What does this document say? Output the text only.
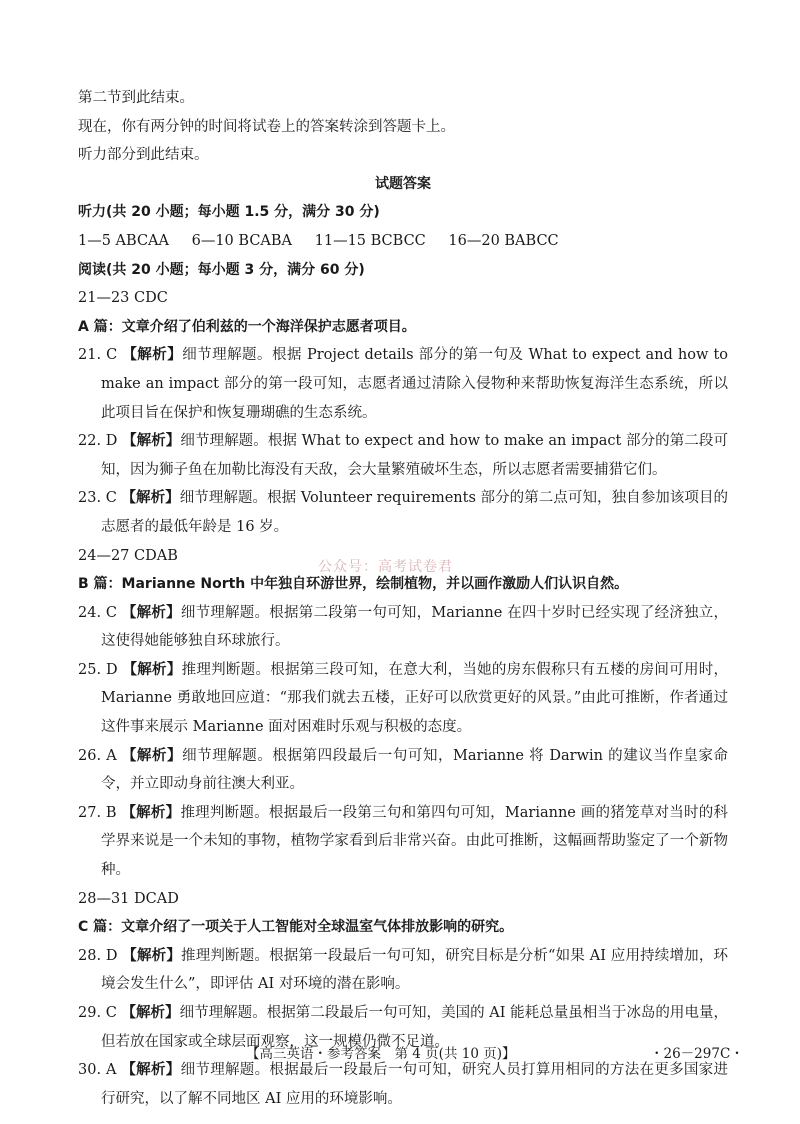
第二节到此结束。
现在，你有两分钟的时间将试卷上的答案转涂到答题卡上。
听力部分到此结束。
试题答案
听力(共 20 小题；每小题 1.5 分，满分 30 分)
1—5 ABCAA 6—10 BCABA 11—15 BCBCC 16—20 BABCC
阅读(共 20 小题；每小题 3 分，满分 60 分)
21—23 CDC
A 篇：文章介绍了伯利兹的一个海洋保护志愿者项目。
21. C 【解析】细节理解题。根据 Project details 部分的第一句及 What to expect and how to make an impact 部分的第一段可知，志愿者通过清除入侵物种来帮助恢复海洋生态系统，所以此项目旨在保护和恢复珊瑚礁的生态系统。
22. D 【解析】细节理解题。根据 What to expect and how to make an impact 部分的第二段可知，因为狮子鱼在加勒比海没有天敌，会大量繁殖破坏生态，所以志愿者需要捕猎它们。
23. C 【解析】细节理解题。根据 Volunteer requirements 部分的第二点可知，独自参加该项目的志愿者的最低年龄是 16 岁。
24—27 CDAB
B 篇：Marianne North 中年独自环游世界，绘制植物，并以画作激励人们认识自然。
24. C 【解析】细节理解题。根据第二段第一句可知，Marianne 在四十岁时已经实现了经济独立，这使得她能够独自环球旅行。
25. D 【解析】推理判断题。根据第三段可知，在意大利，当她的房东假称只有五楼的房间可用时，Marianne 勇敢地回应道：“那我们就去五楼，正好可以欣赏更好的风景。”由此可推断，作者通过这件事来展示 Marianne 面对困难时乐观与积极的态度。
26. A 【解析】细节理解题。根据第四段最后一句可知，Marianne 将 Darwin 的建议当作皇家命令，并立即动身前往澳大利亚。
27. B 【解析】推理判断题。根据最后一段第三句和第四句可知，Marianne 画的猪笼草对当时的科学界来说是一个未知的事物，植物学家看到后非常兴奋。由此可推断，这幅画帮助鉴定了一个新物种。
28—31 DCAD
C 篇：文章介绍了一项关于人工智能对全球温室气体排放影响的研究。
28. D 【解析】推理判断题。根据第一段最后一句可知，研究目标是分析“如果 AI 应用持续增加，环境会发生什么”，即评估 AI 对环境的潜在影响。
29. C 【解析】细节理解题。根据第二段最后一句可知，美国的 AI 能耗总量虽相当于冰岛的用电量，但若放在国家或全球层面观察，这一规模仍微不足道。
30. A 【解析】细节理解题。根据最后一段最后一句可知，研究人员打算用相同的方法在更多国家进行研究，以了解不同地区 AI 应用的环境影响。
公众号：高考试卷君
【高三英语・参考答案　第 4 页(共 10 页)】	・26－297C・
